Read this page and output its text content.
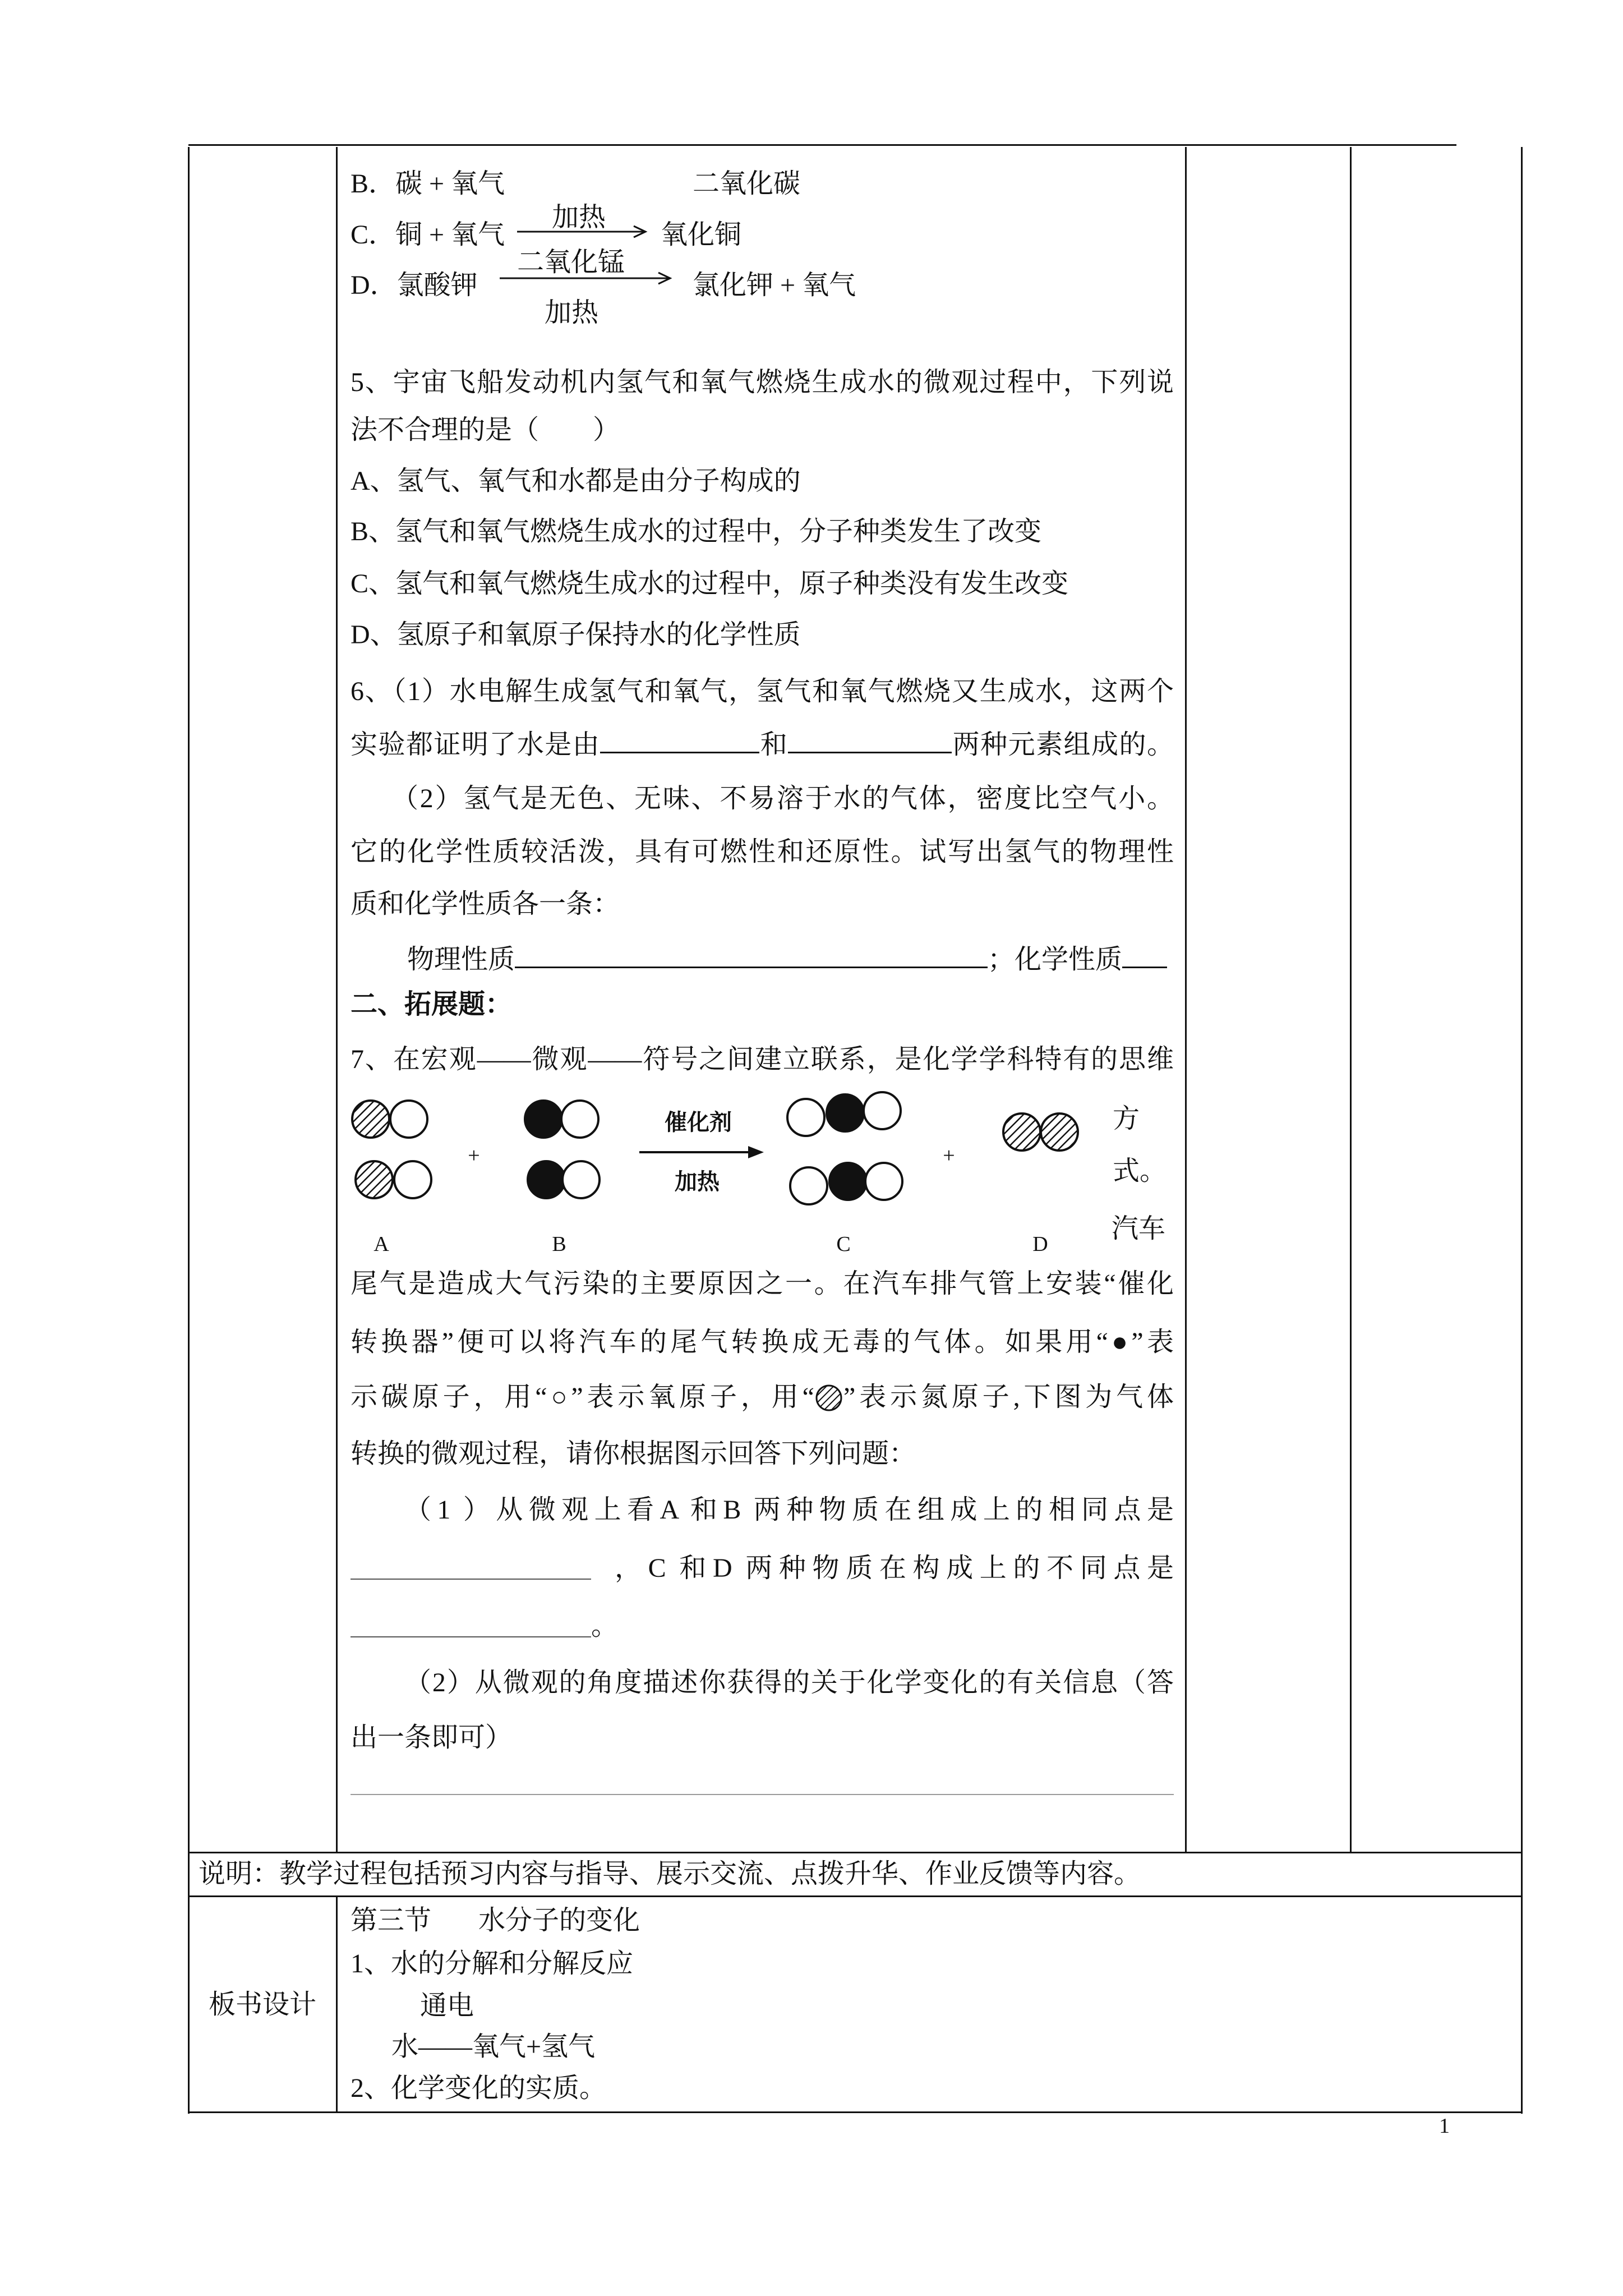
B．碳 + 氧气	二氧化碳
加热
C．铜 + 氧气	氧化铜
二氧化锰
D．氯酸钾	氯化钾 + 氧气
加热
5、宇宙飞船发动机内氢气和氧气燃烧生成水的微观过程中，下列说
法不合理的是（　　）
A、氢气、氧气和水都是由分子构成的
B、氢气和氧气燃烧生成水的过程中，分子种类发生了改变
C、氢气和氧气燃烧生成水的过程中，原子种类没有发生改变
D、氢原子和氧原子保持水的化学性质
6、（1）水电解生成氢气和氧气，氢气和氧气燃烧又生成水，这两个
实验都证明了水是由	和	两种元素组成的。
（2）氢气是无色、无味、不易溶于水的气体，密度比空气小。
它的化学性质较活泼，具有可燃性和还原性。试写出氢气的物理性
质和化学性质各一条：
物理性质	；化学性质
二、拓展题：
7、在宏观——微观——符号之间建立联系，是化学学科特有的思维
A
+
B
催化剂
加热
C
+
D
方
式。
汽车
尾气是造成大气污染的主要原因之一。在汽车排气管上安装“催化
转换器”便可以将汽车的尾气转换成无毒的气体。如果用“●”表
示碳原子，用“○”表示氧原子，用“ ”表示氮原子,下图为气体
转换的微观过程，请你根据图示回答下列问题：
（1 ）从微观上看A 和B 两种物质在组成上的相同点是
，C 和D 两种物质在构成上的不同点是
。
（2）从微观的角度描述你获得的关于化学变化的有关信息（答
出一条即可）
说明：教学过程包括预习内容与指导、展示交流、点拨升华、作业反馈等内容。
板书设计
第三节 水分子的变化
1、水的分解和分解反应
通电
水——氧气+氢气
2、化学变化的实质。
1
